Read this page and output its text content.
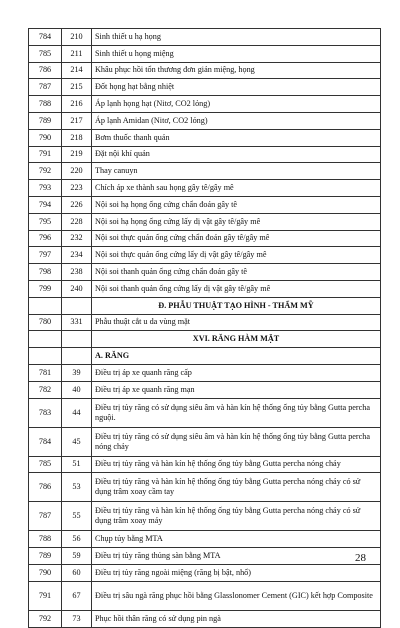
784	210	Sinh thiết u hạ họng
785	211	Sinh thiết u họng miệng
786	214	Khâu phục hồi tổn thương đơn giản miệng, họng
787	215	Đốt họng hạt bằng nhiệt
788	216	Áp lạnh họng hạt (Nitơ, CO2 lỏng)
789	217	Áp lạnh Amidan (Nitơ, CO2 lỏng)
790	218	Bơm thuốc thanh quản
791	219	Đặt nội khí quản
792	220	Thay canuyn
793	223	Chích áp xe thành sau họng gây tê/gây mê
794	226	Nội soi hạ họng ống cứng chẩn đoán gây tê
795	228	Nội soi hạ họng ống cứng lấy dị vật gây tê/gây mê
796	232	Nội soi thực quản ống cứng chẩn đoán gây tê/gây mê
797	234	Nội soi thực quản ống cứng lấy dị vật gây tê/gây mê
798	238	Nội soi thanh quản ống cứng chẩn đoán gây tê
799	240	Nội soi thanh quản ống cứng lấy dị vật gây tê/gây mê
		Đ. PHẪU THUẬT TẠO HÌNH - THẨM MỸ
780	331	Phẫu thuật cắt u da vùng mặt
		XVI. RĂNG HÀM MẶT
		A. RĂNG
781	39	Điều trị áp xe quanh răng cấp
782	40	Điều trị áp xe quanh răng mạn
783	44	Điều trị tủy răng có sử dụng siêu âm và hàn kín hệ thống ống tủy bằng Gutta percha nguội.
784	45	Điều trị tủy răng có sử dụng siêu âm và hàn kín hệ thống ống tủy bằng Gutta percha nóng chảy
785	51	Điều trị tủy răng và hàn kín hệ thống ống tủy bằng Gutta percha nóng chảy
786	53	Điều trị tủy răng và hàn kín hệ thống ống tủy bằng Gutta percha nóng chảy có sử dụng trâm xoay cầm tay
787	55	Điều trị tủy răng và hàn kín hệ thống ống tủy bằng Gutta percha nóng chảy có sử dụng trâm xoay máy
788	56	Chụp tủy bằng MTA
789	59	Điều trị tủy răng thủng sàn bằng MTA
790	60	Điều trị tủy răng ngoài miệng (răng bị bật, nhổ)
791	67	Điều trị sâu ngà răng phục hồi bằng Glasslonomer Cement (GIC) kết hợp Composite
792	73	Phục hồi thân răng có sử dụng pin ngà
28
